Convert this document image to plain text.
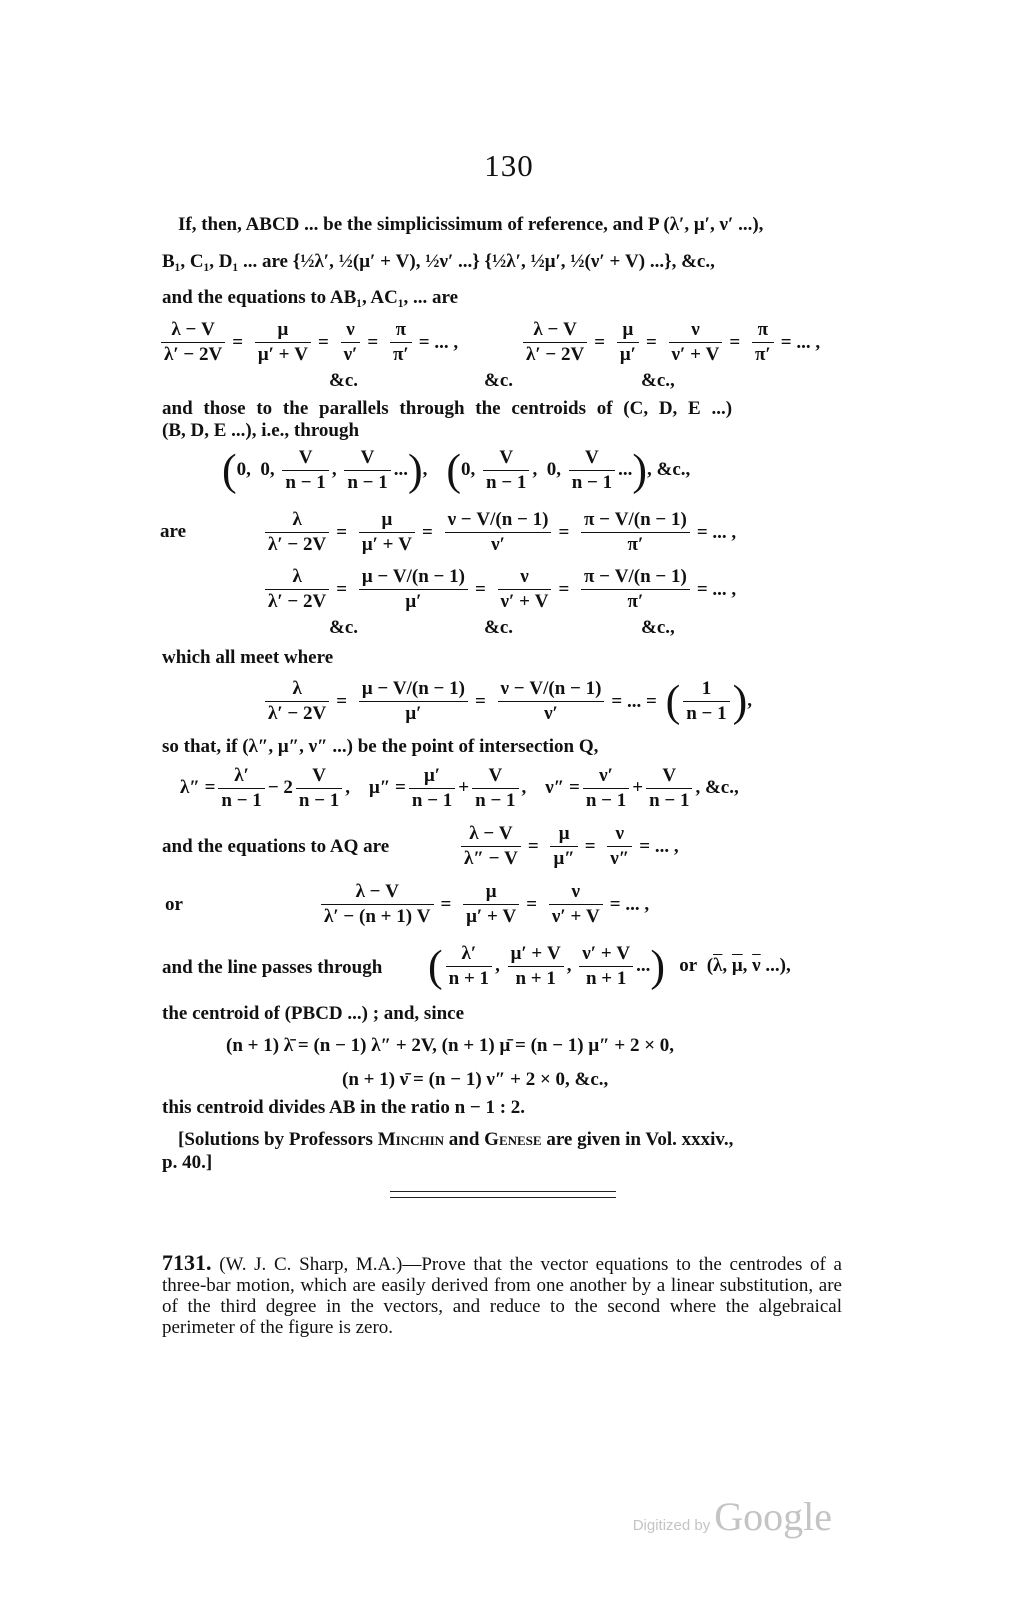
130
If, then, ABCD ... be the simplicissimum of reference, and P (λ′, μ′, ν′ ...),
B₁, C₁, D₁ ... are {½λ′, ½(μ′ + V), ½ν′ ...} {½λ′, ½μ′, ½(ν′ + V) ...}, &c.,
and the equations to AB₁, AC₁, ... are
$\frac{\lambda - V}{\lambda' - 2V} = \frac{\mu}{\mu' + V} = \frac{\nu}{\nu'} = \frac{\pi}{\pi'}$ = ... ,	$\frac{\lambda - V}{\lambda' - 2V} = \frac{\mu}{\mu'} = \frac{\nu}{\nu' + V} = \frac{\pi}{\pi'}$ = ... ,
&c.	&c.	&c.,
and those to the parallels through the centroids of (C, D, E ...)
(B, D, E ...), i.e., through
(0,  0, $\frac{V}{n - 1}$ , $\frac{V}{n - 1}$ ...),    (0, $\frac{V}{n - 1}$ ,  0, $\frac{V}{n - 1}$ ...), &c.,
are	$\frac{\lambda}{\lambda' - 2V} = \frac{\mu}{\mu' + V} = \frac{\nu - V/(n - 1)}{\nu'} = \frac{\pi - V/(n - 1)}{\pi'}$ = ... ,
$\frac{\lambda}{\lambda' - 2V} = \frac{\mu - V/(n - 1)}{\mu'} = \frac{\nu}{\nu' + V} = \frac{\pi - V/(n - 1)}{\pi'}$ = ... ,
&c.	&c.	&c.,
which all meet where
$\frac{\lambda}{\lambda' - 2V} = \frac{\mu - V/(n - 1)}{\mu'} = \frac{\nu - V/(n - 1)}{\nu'}$ = ... = ( $\frac{1}{n - 1}$ ),
so that, if (λ″, μ″, ν″ ...) be the point of intersection Q,
$\lambda'' = \frac{\lambda'}{n - 1} - 2 \frac{V}{n - 1}$ ,    $\mu'' = \frac{\mu'}{n - 1} + \frac{V}{n - 1}$ ,    $\nu'' = \frac{\nu'}{n - 1} + \frac{V}{n - 1}$ , &c.,
and the equations to AQ are	$\frac{\lambda - V}{\lambda'' - V} = \frac{\mu}{\mu''} = \frac{\nu}{\nu''}$ = ... ,
or	$\frac{\lambda - V}{\lambda' - (n + 1) V} = \frac{\mu}{\mu' + V} = \frac{\nu}{\nu' + V}$ = ... ,
and the line passes through ( $\frac{\lambda'}{n + 1}$ , $\frac{\mu' + V}{n + 1}$ , $\frac{\nu' + V}{n + 1}$ ...)   or  ($\overline{\lambda}$, $\overline{\mu}$, $\overline{\nu}$ ...),
the centroid of (PBCD ...) ; and, since
(n + 1) λ̄ = (n − 1) λ″ + 2V, (n + 1) μ̄ = (n − 1) μ″ + 2 × 0,
(n + 1) ν̄ = (n − 1) ν″ + 2 × 0, &c.,
this centroid divides AB in the ratio n − 1 : 2.
[Solutions by Professors Minchin and Genese are given in Vol. xxxiv.,
p. 40.]
7131. (W. J. C. Sharp, M.A.)—Prove that the vector equations to the centrodes of a three-bar motion, which are easily derived from one another by a linear substitution, are of the third degree in the vectors, and reduce to the second where the algebraical perimeter of the figure is zero.
Digitized by Google
